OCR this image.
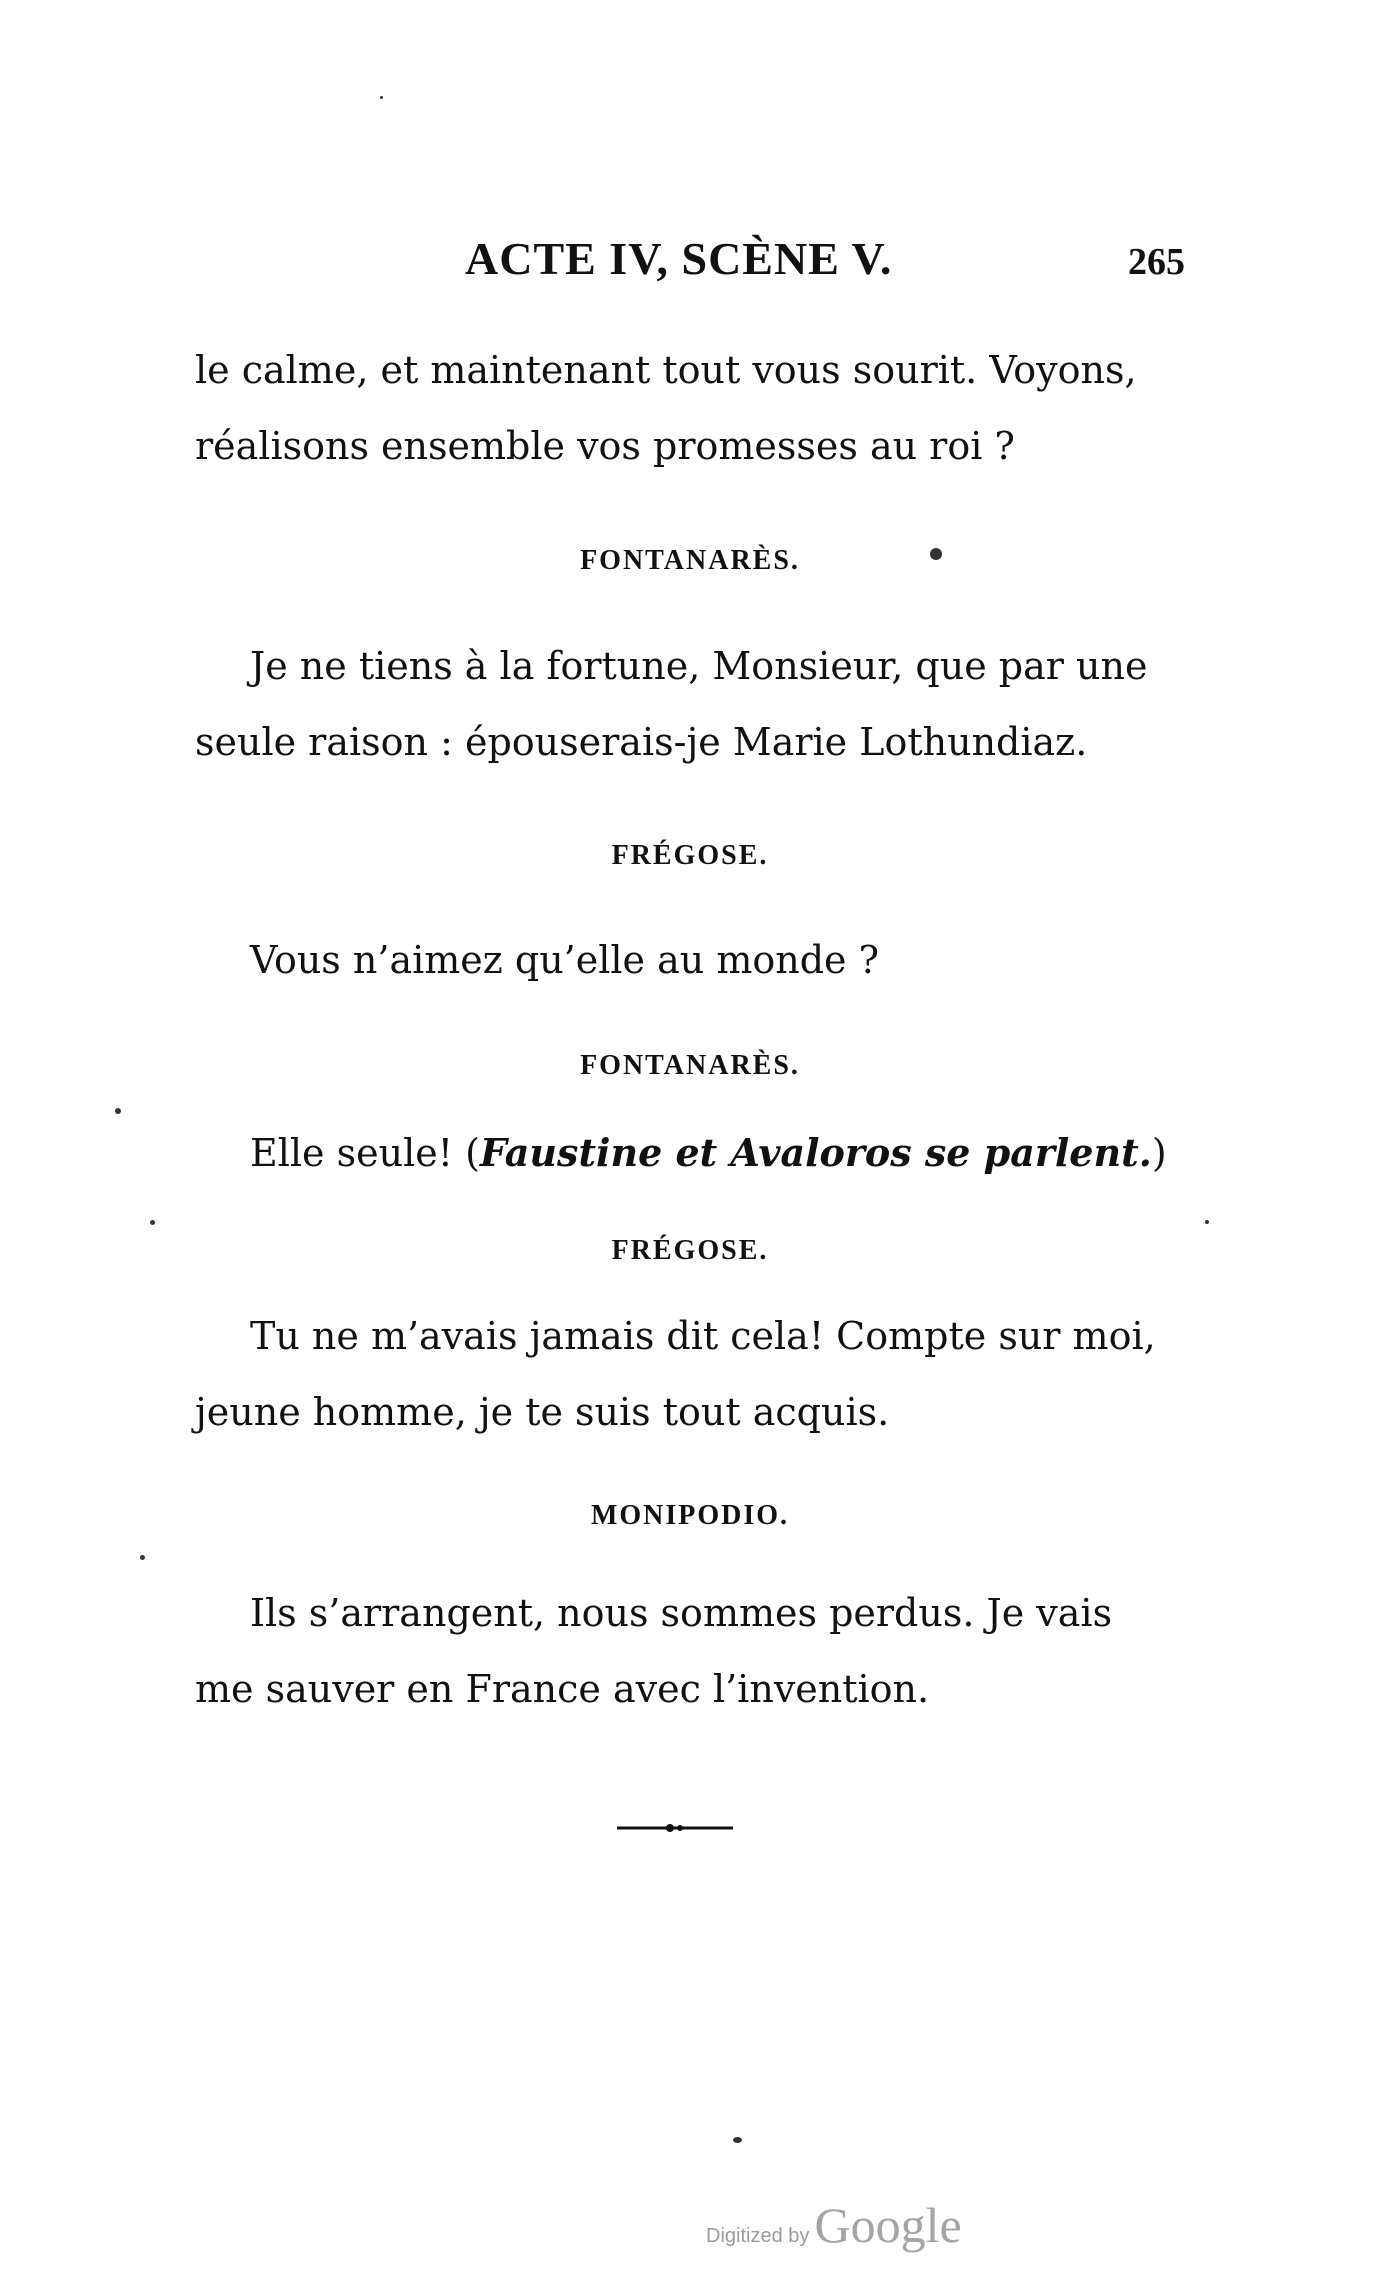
ACTE IV, SCÈNE V.	265

le calme, et maintenant tout vous sourit. Voyons,
réalisons ensemble vos promesses au roi ?

FONTANARÈS.

Je ne tiens à la fortune, Monsieur, que par une
seule raison : épouserais-je Marie Lothundiaz.

FRÉGOSE.

Vous n’aimez qu’elle au monde ?

FONTANARÈS.

Elle seule! (Faustine et Avaloros se parlent.)

FRÉGOSE.

Tu ne m’avais jamais dit cela! Compte sur moi,
jeune homme, je te suis tout acquis.

MONIPODIO.

Ils s’arrangent, nous sommes perdus. Je vais
me sauver en France avec l’invention.

Digitized by Google
